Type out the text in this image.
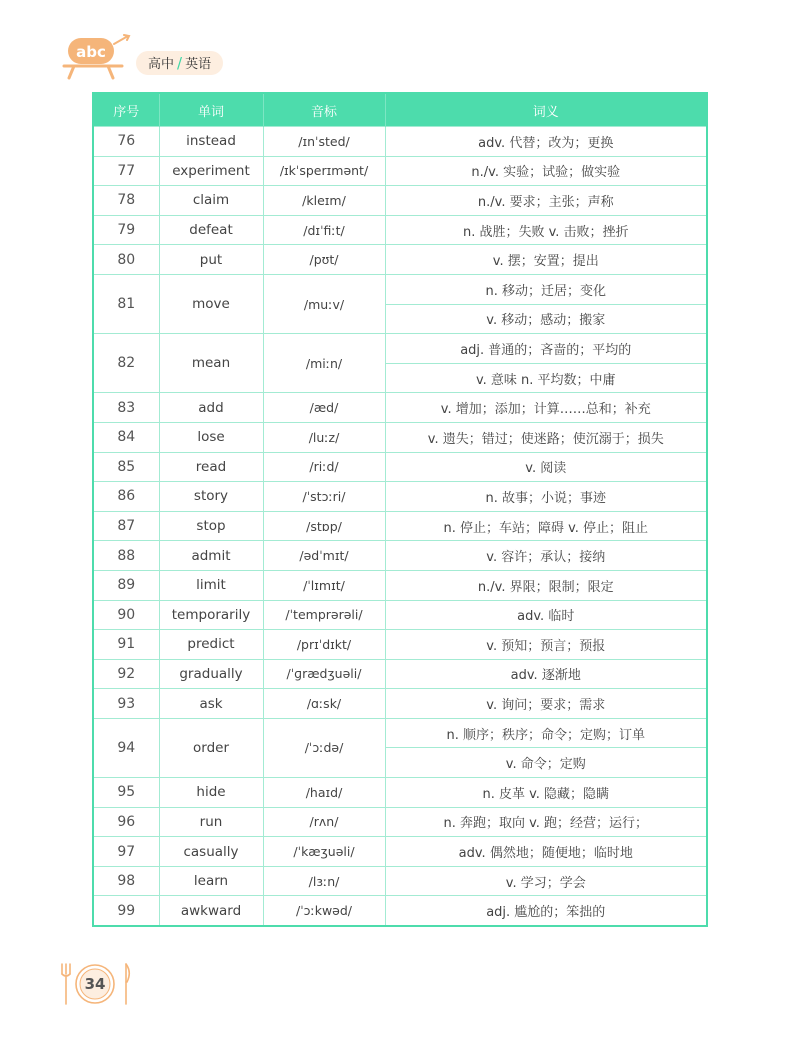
abc
高中 / 英语
序号	单词	音标	词义
76	instead	/ɪnˈsted/	adv. 代替；改为；更换
77	experiment	/ɪkˈsperɪmənt/	n./v. 实验；试验；做实验
78	claim	/kleɪm/	n./v. 要求；主张；声称
79	defeat	/dɪˈfiːt/	n. 战胜；失败 v. 击败；挫折
80	put	/pʊt/	v. 摆；安置；提出
81	move	/muːv/	n. 移动；迁居；变化
			v. 移动；感动；搬家
82	mean	/miːn/	adj. 普通的；吝啬的；平均的
			v. 意味 n. 平均数；中庸
83	add	/æd/	v. 增加；添加；计算……总和；补充
84	lose	/luːz/	v. 遗失；错过；使迷路；使沉溺于；损失
85	read	/riːd/	v. 阅读
86	story	/ˈstɔːri/	n. 故事；小说；事迹
87	stop	/stɒp/	n. 停止；车站；障碍 v. 停止；阻止
88	admit	/ədˈmɪt/	v. 容许；承认；接纳
89	limit	/ˈlɪmɪt/	n./v. 界限；限制；限定
90	temporarily	/ˈtemprərəli/	adv. 临时
91	predict	/prɪˈdɪkt/	v. 预知；预言；预报
92	gradually	/ˈɡrædʒuəli/	adv. 逐渐地
93	ask	/ɑːsk/	v. 询问；要求；需求
94	order	/ˈɔːdə/	n. 顺序；秩序；命令；定购；订单
			v. 命令；定购
95	hide	/haɪd/	n. 皮革 v. 隐藏；隐瞒
96	run	/rʌn/	n. 奔跑；取向 v. 跑；经营；运行；
97	casually	/ˈkæʒuəli/	adv. 偶然地；随便地；临时地
98	learn	/lɜːn/	v. 学习；学会
99	awkward	/ˈɔːkwəd/	adj. 尴尬的；笨拙的
34
